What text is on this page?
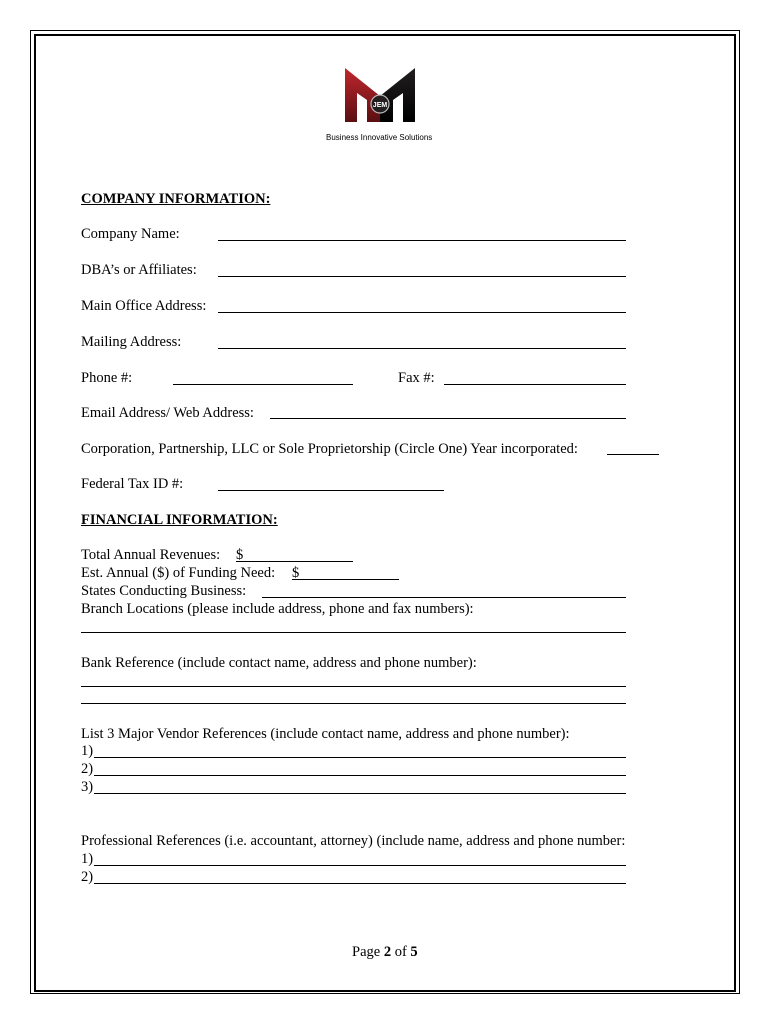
JEM
Business Innovative Solutions
COMPANY INFORMATION:
Company Name:
DBA’s or Affiliates:
Main Office Address:
Mailing Address:
Phone #:	Fax #:
Email Address/ Web Address:
Corporation, Partnership, LLC or Sole Proprietorship (Circle One) Year incorporated:
Federal Tax ID #:
FINANCIAL INFORMATION:
Total Annual Revenues: $
Est. Annual ($) of Funding Need: $
States Conducting Business:
Branch Locations (please include address, phone and fax numbers):
Bank Reference (include contact name, address and phone number):
List 3 Major Vendor References (include contact name, address and phone number):
1)
2)
3)
Professional References (i.e. accountant, attorney) (include name, address and phone number:
1)
2)
Page 2 of 5
